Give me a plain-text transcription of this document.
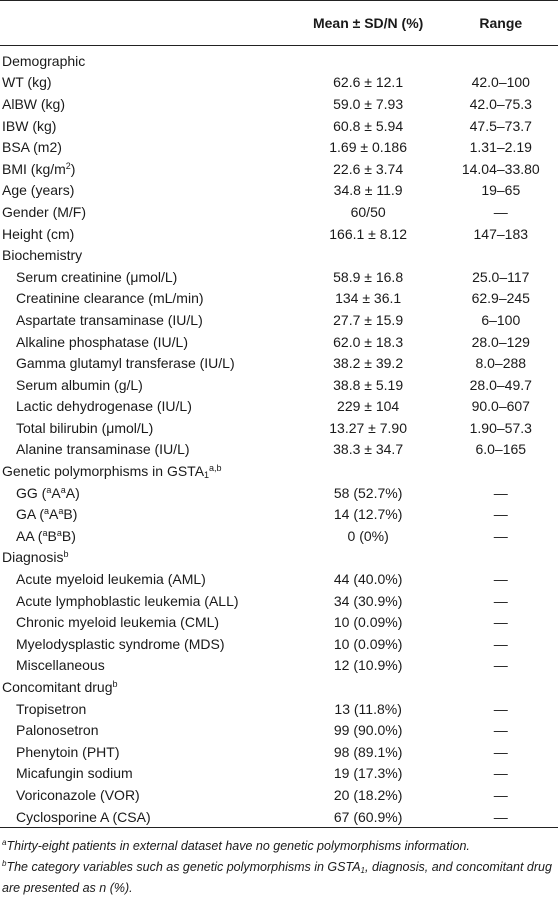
	Mean ± SD/N (%)	Range
Demographic		
WT (kg)	62.6 ± 12.1	42.0–100
AlBW (kg)	59.0 ± 7.93	42.0–75.3
IBW (kg)	60.8 ± 5.94	47.5–73.7
BSA (m2)	1.69 ± 0.186	1.31–2.19
BMI $(kg/m^2)$	22.6 ± 3.74	14.04–33.80
Age (years)	34.8 ± 11.9	19–65
Gender (M/F)	60/50	—
Height (cm)	166.1 ± 8.12	147–183
Biochemistry		
Serum creatinine (μmol/L)	58.9 ± 16.8	25.0–117
Creatinine clearance (mL/min)	134 ± 36.1	62.9–245
Aspartate transaminase (IU/L)	27.7 ± 15.9	6–100
Alkaline phosphatase (IU/L)	62.0 ± 18.3	28.0–129
Gamma glutamyl transferase (IU/L)	38.2 ± 39.2	8.0–288
Serum albumin (g/L)	38.8 ± 5.19	28.0–49.7
Lactic dehydrogenase (IU/L)	229 ± 104	90.0–607
Total bilirubin (μmol/L)	13.27 ± 7.90	1.90–57.3
Alanine transaminase (IU/L)	38.3 ± 34.7	6.0–165
Genetic polymorphisms in $GSTA_1^{a,b}$		
GG $(^aA^aA)$	58 (52.7%)	—
GA $(^aA^aB)$	14 (12.7%)	—
AA $(^aB^aB)$	0 (0%)	—
Diagnosis$^b$		
Acute myeloid leukemia (AML)	44 (40.0%)	—
Acute lymphoblastic leukemia (ALL)	34 (30.9%)	—
Chronic myeloid leukemia (CML)	10 (0.09%)	—
Myelodysplastic syndrome (MDS)	10 (0.09%)	—
Miscellaneous	12 (10.9%)	—
Concomitant drug$^b$		
Tropisetron	13 (11.8%)	—
Palonosetron	99 (90.0%)	—
Phenytoin (PHT)	98 (89.1%)	—
Micafungin sodium	19 (17.3%)	—
Voriconazole (VOR)	20 (18.2%)	—
Cyclosporine A (CSA)	67 (60.9%)	—
$^a$Thirty-eight patients in external dataset have no genetic polymorphisms information.
$^b$The category variables such as genetic polymorphisms in GSTA1, diagnosis, and concomitant drug are presented as n (%).
